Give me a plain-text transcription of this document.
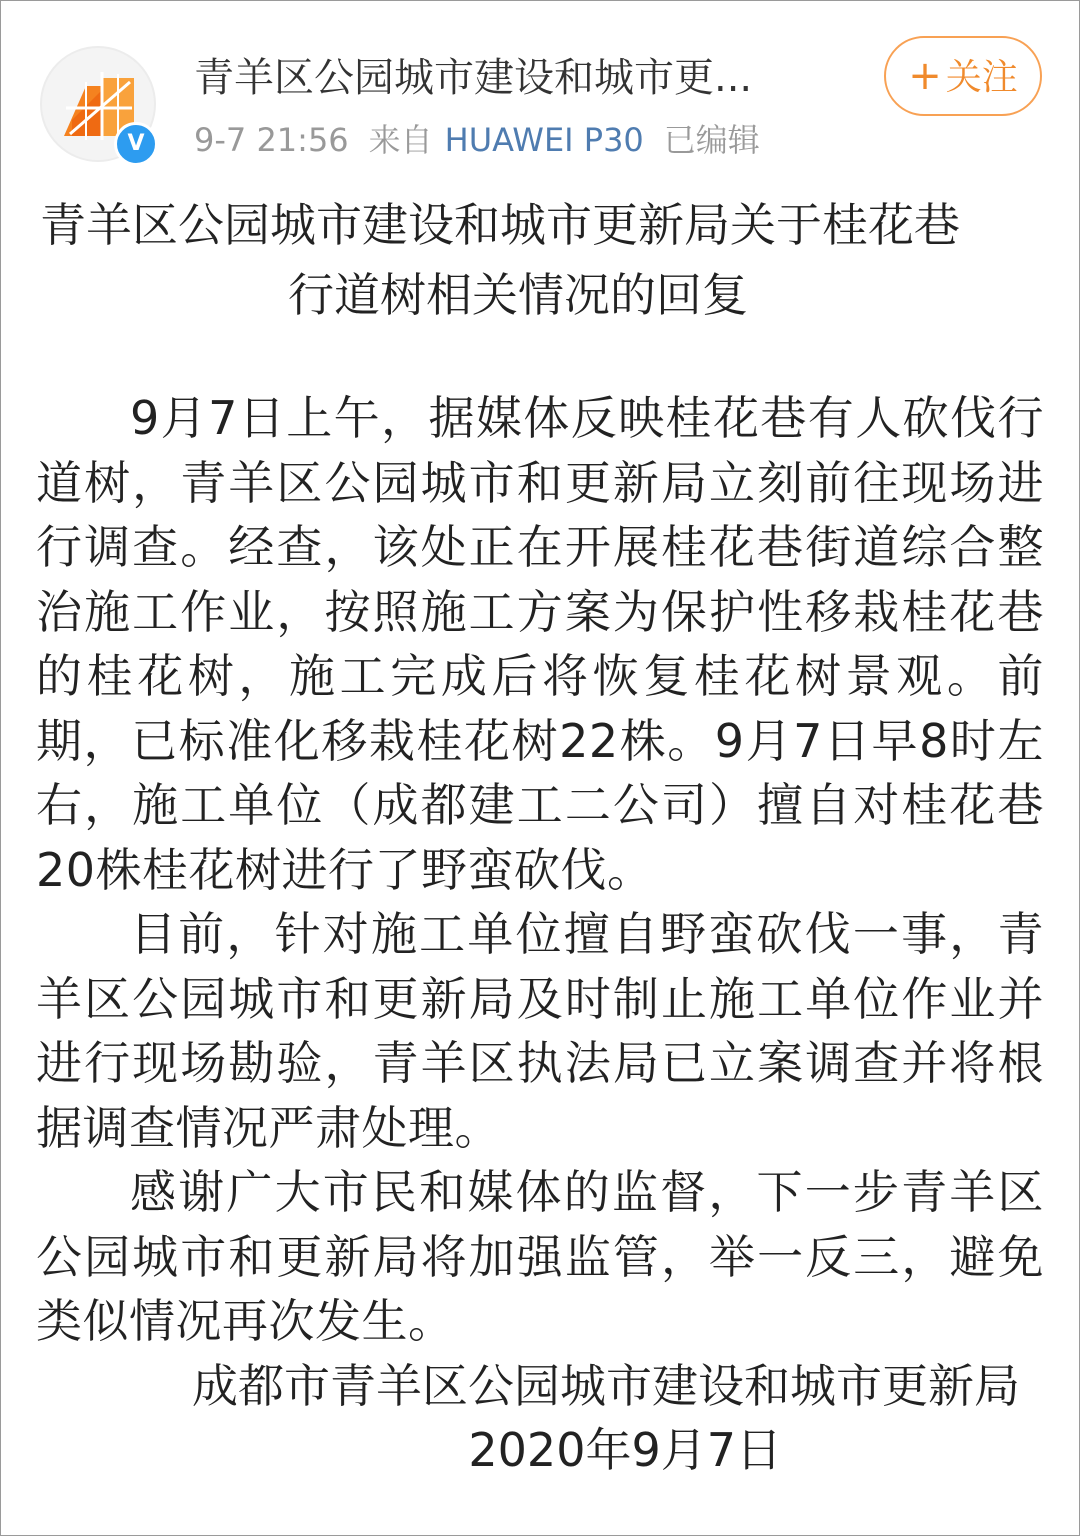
V
青羊区公园城市建设和城市更...
9-7 21:56 来自 HUAWEI P30 已编辑
+ 关注
青羊区公园城市建设和城市更新局关于桂花巷
行道树相关情况的回复

9月7日上午，据媒体反映桂花巷有人砍伐行道树，青羊区公园城市和更新局立刻前往现场进行调查。经查，该处正在开展桂花巷街道综合整治施工作业，按照施工方案为保护性移栽桂花巷的桂花树，施工完成后将恢复桂花树景观。前期，已标准化移栽桂花树22株。9月7日早8时左右，施工单位（成都建工二公司）擅自对桂花巷20株桂花树进行了野蛮砍伐。

目前，针对施工单位擅自野蛮砍伐一事，青羊区公园城市和更新局及时制止施工单位作业并进行现场勘验，青羊区执法局已立案调查并将根据调查情况严肃处理。

感谢广大市民和媒体的监督，下一步青羊区公园城市和更新局将加强监管，举一反三，避免类似情况再次发生。

成都市青羊区公园城市建设和城市更新局
2020年9月7日
